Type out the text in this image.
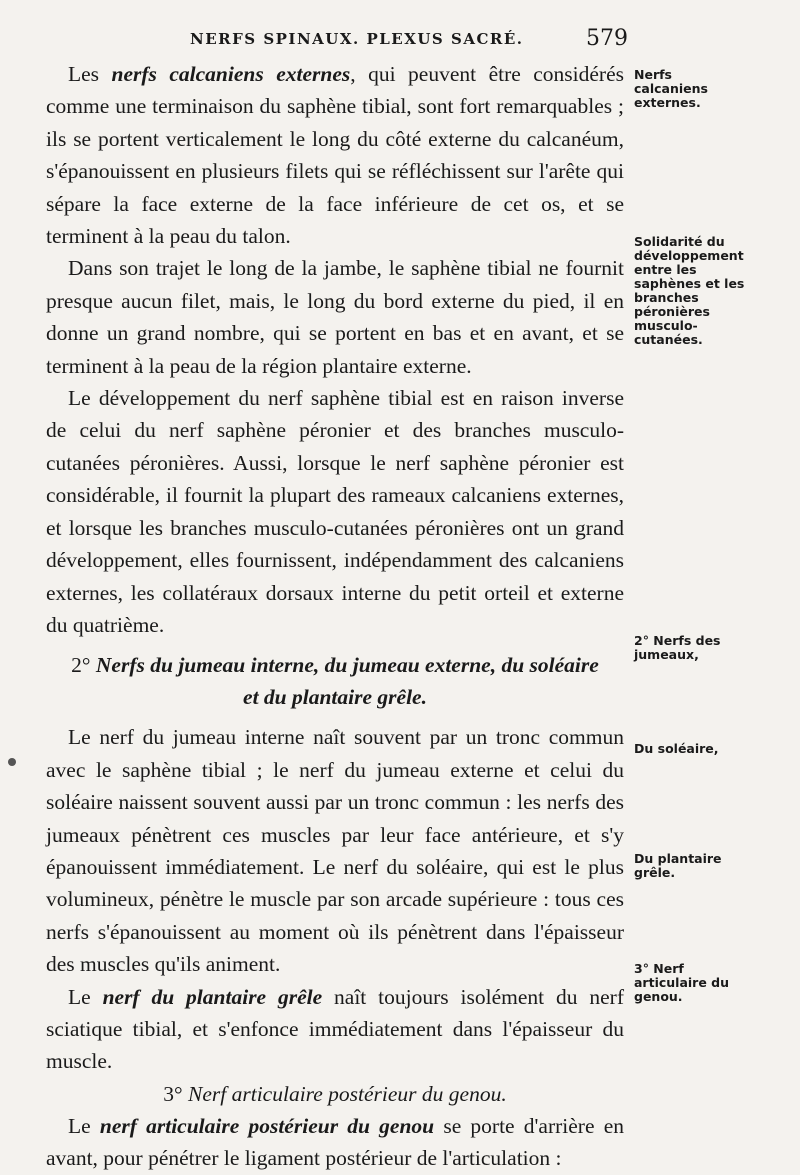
NERFS SPINAUX. PLEXUS SACRÉ.	579

Les nerfs calcaniens externes, qui peuvent être considérés comme une terminaison du saphène tibial, sont fort remarquables ; ils se portent verticalement le long du côté externe du calcanéum, s'épanouissent en plusieurs filets qui se réfléchissent sur l'arête qui sépare la face externe de la face inférieure de cet os, et se terminent à la peau du talon.

Dans son trajet le long de la jambe, le saphène tibial ne fournit presque aucun filet, mais, le long du bord externe du pied, il en donne un grand nombre, qui se portent en bas et en avant, et se terminent à la peau de la région plantaire externe.

Le développement du nerf saphène tibial est en raison inverse de celui du nerf saphène péronier et des branches musculo-cutanées péronières. Aussi, lorsque le nerf saphène péronier est considérable, il fournit la plupart des rameaux calcaniens externes, et lorsque les branches musculo-cutanées péronières ont un grand développement, elles fournissent, indépendamment des calcaniens externes, les collatéraux dorsaux interne du petit orteil et externe du quatrième.

2° Nerfs du jumeau interne, du jumeau externe, du soléaire
et du plantaire grêle.

Le nerf du jumeau interne naît souvent par un tronc commun avec le saphène tibial ; le nerf du jumeau externe et celui du soléaire naissent souvent aussi par un tronc commun : les nerfs des jumeaux pénètrent ces muscles par leur face antérieure, et s'y épanouissent immédiatement. Le nerf du soléaire, qui est le plus volumineux, pénètre le muscle par son arcade supérieure : tous ces nerfs s'épanouissent au moment où ils pénètrent dans l'épaisseur des muscles qu'ils animent.

Le nerf du plantaire grêle naît toujours isolément du nerf sciatique tibial, et s'enfonce immédiatement dans l'épaisseur du muscle.

3° Nerf articulaire postérieur du genou.

Le nerf articulaire postérieur du genou se porte d'arrière en avant, pour pénétrer le ligament postérieur de l'articulation :

Nerfs calcaniens externes.
Solidarité du développement entre les saphènes et les branches péronières musculo-cutanées.
2° Nerfs des jumeaux,
Du soléaire,
Du plantaire grêle.
3° Nerf articulaire du genou.
